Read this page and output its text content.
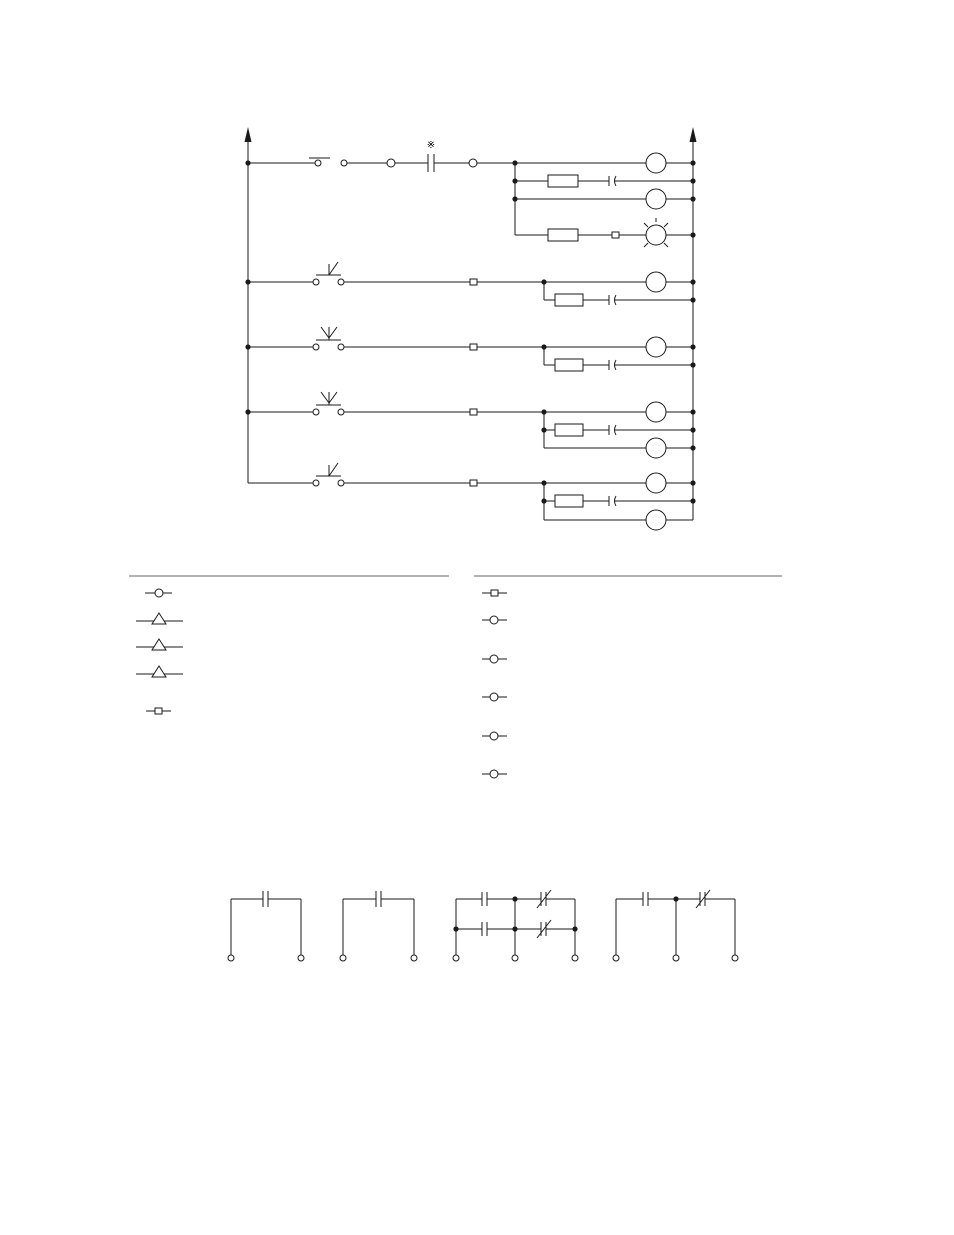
※
